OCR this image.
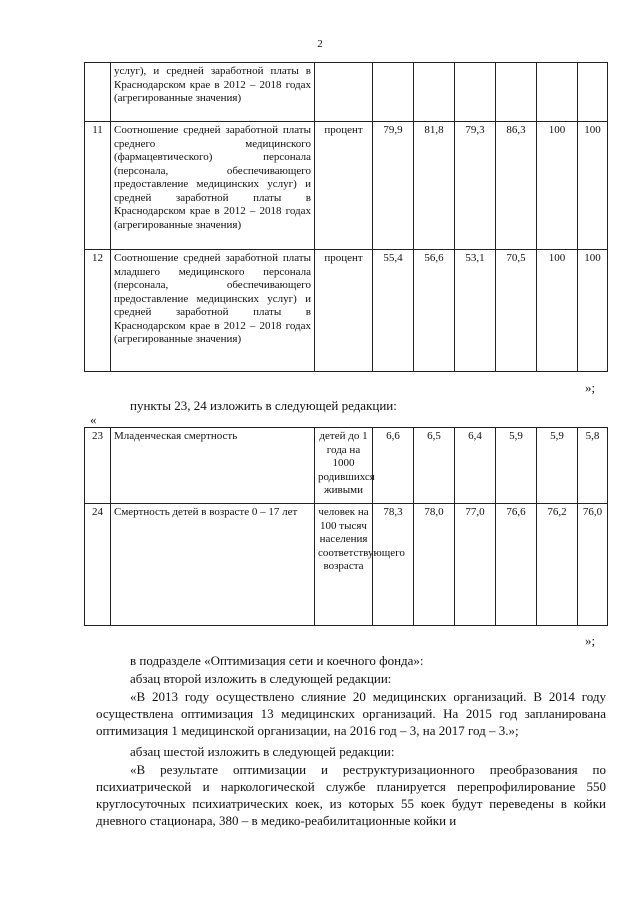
2
	услуг), и средней заработной платы в Краснодарском крае в 2012 – 2018 годах (агрегированные значения)							
11	Соотношение средней заработной платы среднего медицинского (фармацевтического) персонала (персонала, обеспечивающего предоставление медицинских услуг) и средней заработной платы в Краснодарском крае в 2012 – 2018 годах (агрегированные значения)	процент	79,9	81,8	79,3	86,3	100	100
12	Соотношение средней заработной платы младшего медицинского персонала (персонала, обеспечивающего предоставление медицинских услуг) и средней заработной платы в Краснодарском крае в 2012 – 2018 годах (агрегированные значения)	процент	55,4	56,6	53,1	70,5	100	100
»;
пункты 23, 24 изложить в следующей редакции:
«
23	Младенческая смертность	детей до 1 года на 1000 родившихся живыми	6,6	6,5	6,4	5,9	5,9	5,8
24	Смертность детей в возрасте 0 – 17 лет	человек на 100 тысяч населения соответствующего возраста	78,3	78,0	77,0	76,6	76,2	76,0
»;
в подразделе «Оптимизация сети и коечного фонда»:
абзац второй изложить в следующей редакции:
«В 2013 году осуществлено слияние 20 медицинских организаций. В 2014 году осуществлена оптимизация 13 медицинских организаций. На 2015 год запланирована оптимизация 1 медицинской организации, на 2016 год – 3, на 2017 год – 3.»;
абзац шестой изложить в следующей редакции:
«В результате оптимизации и реструктуризационного преобразования по психиатрической и наркологической службе планируется перепрофилирование 550 круглосуточных психиатрических коек, из которых 55 коек будут переведены в койки дневного стационара, 380 – в медико-реабилитационные койки и
